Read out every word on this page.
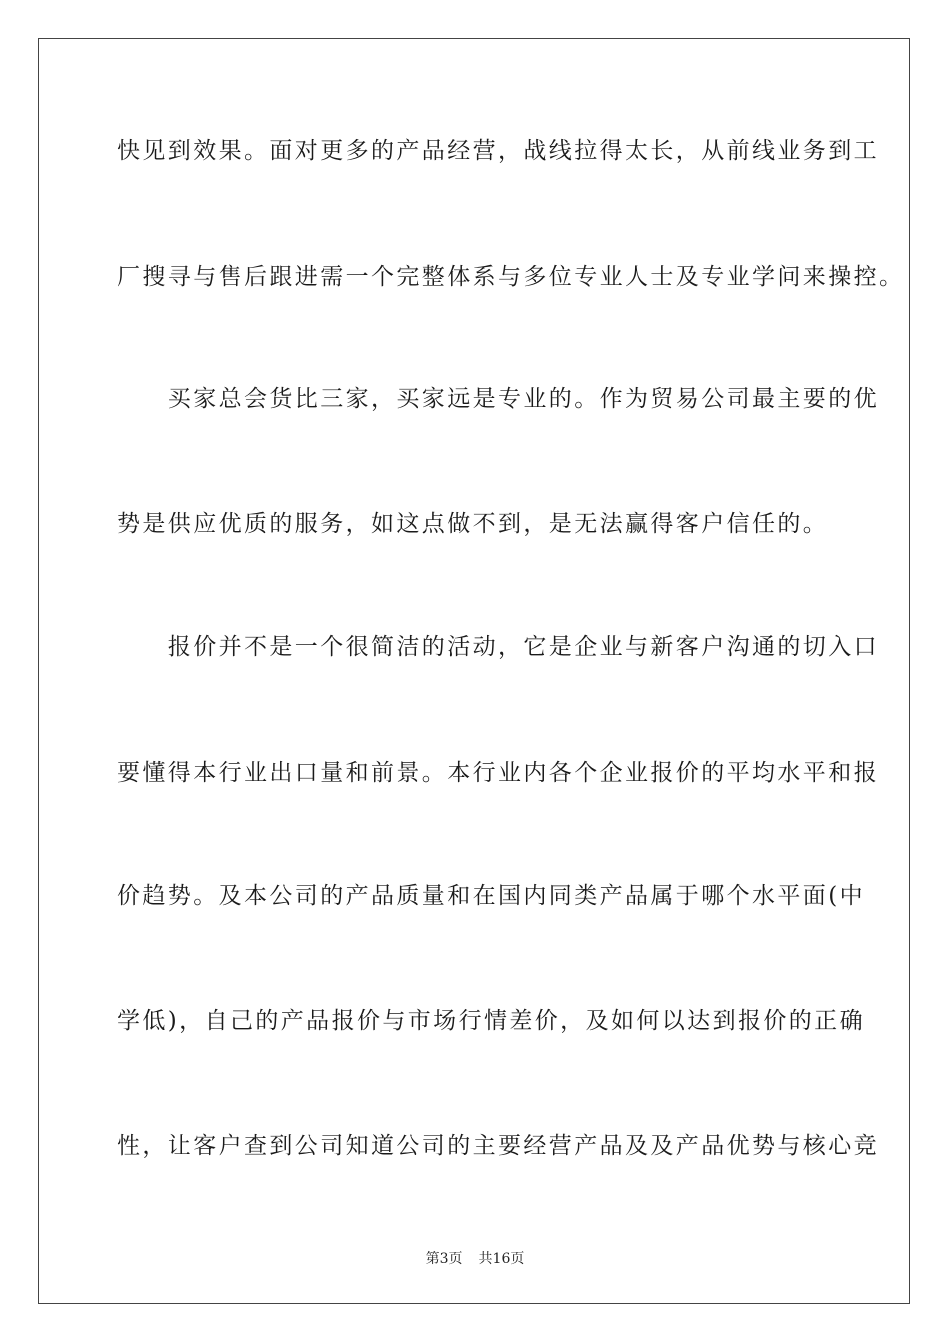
快见到效果。面对更多的产品经营，战线拉得太长，从前线业务到工
厂搜寻与售后跟进需一个完整体系与多位专业人士及专业学问来操控。
　　买家总会货比三家，买家远是专业的。作为贸易公司最主要的优
势是供应优质的服务，如这点做不到，是无法赢得客户信任的。
　　报价并不是一个很简洁的活动，它是企业与新客户沟通的切入口
要懂得本行业出口量和前景。本行业内各个企业报价的平均水平和报
价趋势。及本公司的产品质量和在国内同类产品属于哪个水平面(中
学低)，自己的产品报价与市场行情差价，及如何以达到报价的正确
性，让客户查到公司知道公司的主要经营产品及及产品优势与核心竞
第3页 共16页
